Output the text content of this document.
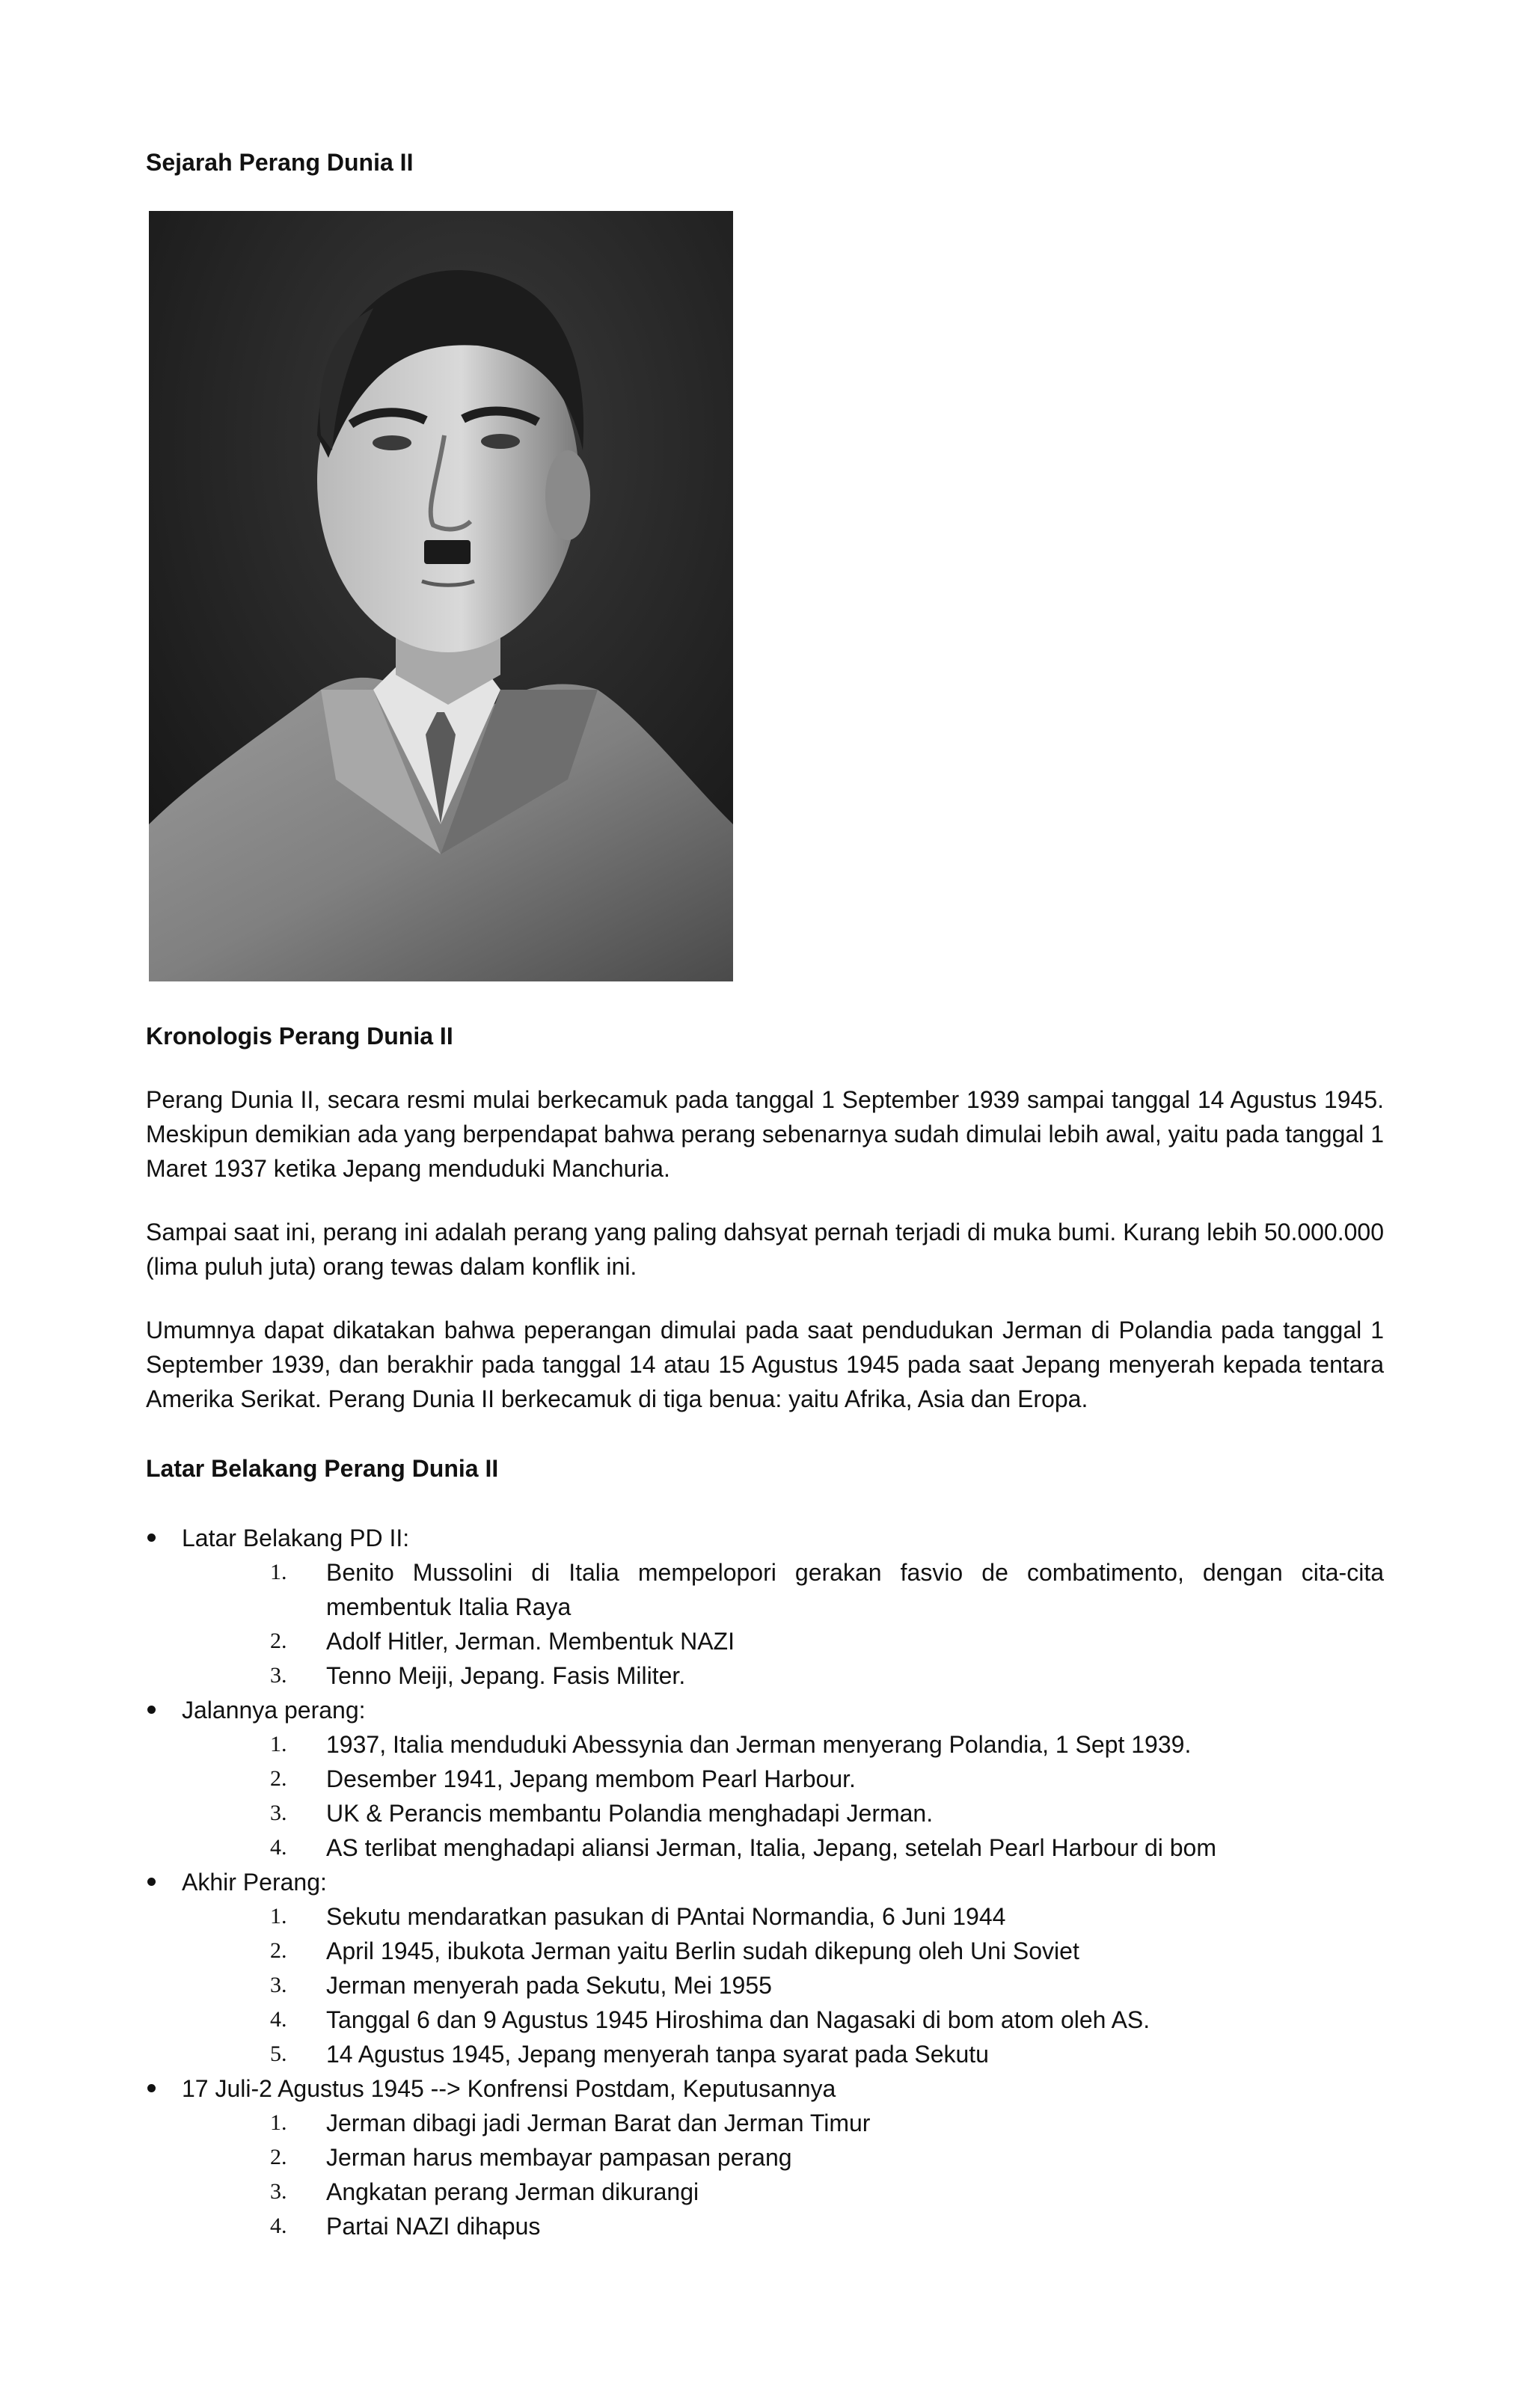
Sejarah Perang Dunia II
Kronologis Perang Dunia II

Perang Dunia II, secara resmi mulai berkecamuk pada tanggal 1 September 1939 sampai tanggal 14 Agustus 1945. Meskipun demikian ada yang berpendapat bahwa perang sebenarnya sudah dimulai lebih awal, yaitu pada tanggal 1 Maret 1937 ketika Jepang menduduki Manchuria.

Sampai saat ini, perang ini adalah perang yang paling dahsyat pernah terjadi di muka bumi. Kurang lebih 50.000.000 (lima puluh juta) orang tewas dalam konflik ini.

Umumnya dapat dikatakan bahwa peperangan dimulai pada saat pendudukan Jerman di Polandia pada tanggal 1 September 1939, dan berakhir pada tanggal 14 atau 15 Agustus 1945 pada saat Jepang menyerah kepada tentara Amerika Serikat. Perang Dunia II berkecamuk di tiga benua: yaitu Afrika, Asia dan Eropa.

Latar Belakang Perang Dunia II
Latar Belakang PD II:
1. Benito Mussolini di Italia mempelopori gerakan fasvio de combatimento, dengan cita-cita membentuk Italia Raya
2. Adolf Hitler, Jerman. Membentuk NAZI
3. Tenno Meiji, Jepang. Fasis Militer.
Jalannya perang:
1. 1937, Italia menduduki Abessynia dan Jerman menyerang Polandia, 1 Sept 1939.
2. Desember 1941, Jepang membom Pearl Harbour.
3. UK & Perancis membantu Polandia menghadapi Jerman.
4. AS terlibat menghadapi aliansi Jerman, Italia, Jepang, setelah Pearl Harbour di bom
Akhir Perang:
1. Sekutu mendaratkan pasukan di PAntai Normandia, 6 Juni 1944
2. April 1945, ibukota Jerman yaitu Berlin sudah dikepung oleh Uni Soviet
3. Jerman menyerah pada Sekutu, Mei 1955
4. Tanggal 6 dan 9 Agustus 1945 Hiroshima dan Nagasaki di bom atom oleh AS.
5. 14 Agustus 1945, Jepang menyerah tanpa syarat pada Sekutu
17 Juli-2 Agustus 1945 --> Konfrensi Postdam, Keputusannya
1. Jerman dibagi jadi Jerman Barat dan Jerman Timur
2. Jerman harus membayar pampasan perang
3. Angkatan perang Jerman dikurangi
4. Partai NAZI dihapus
